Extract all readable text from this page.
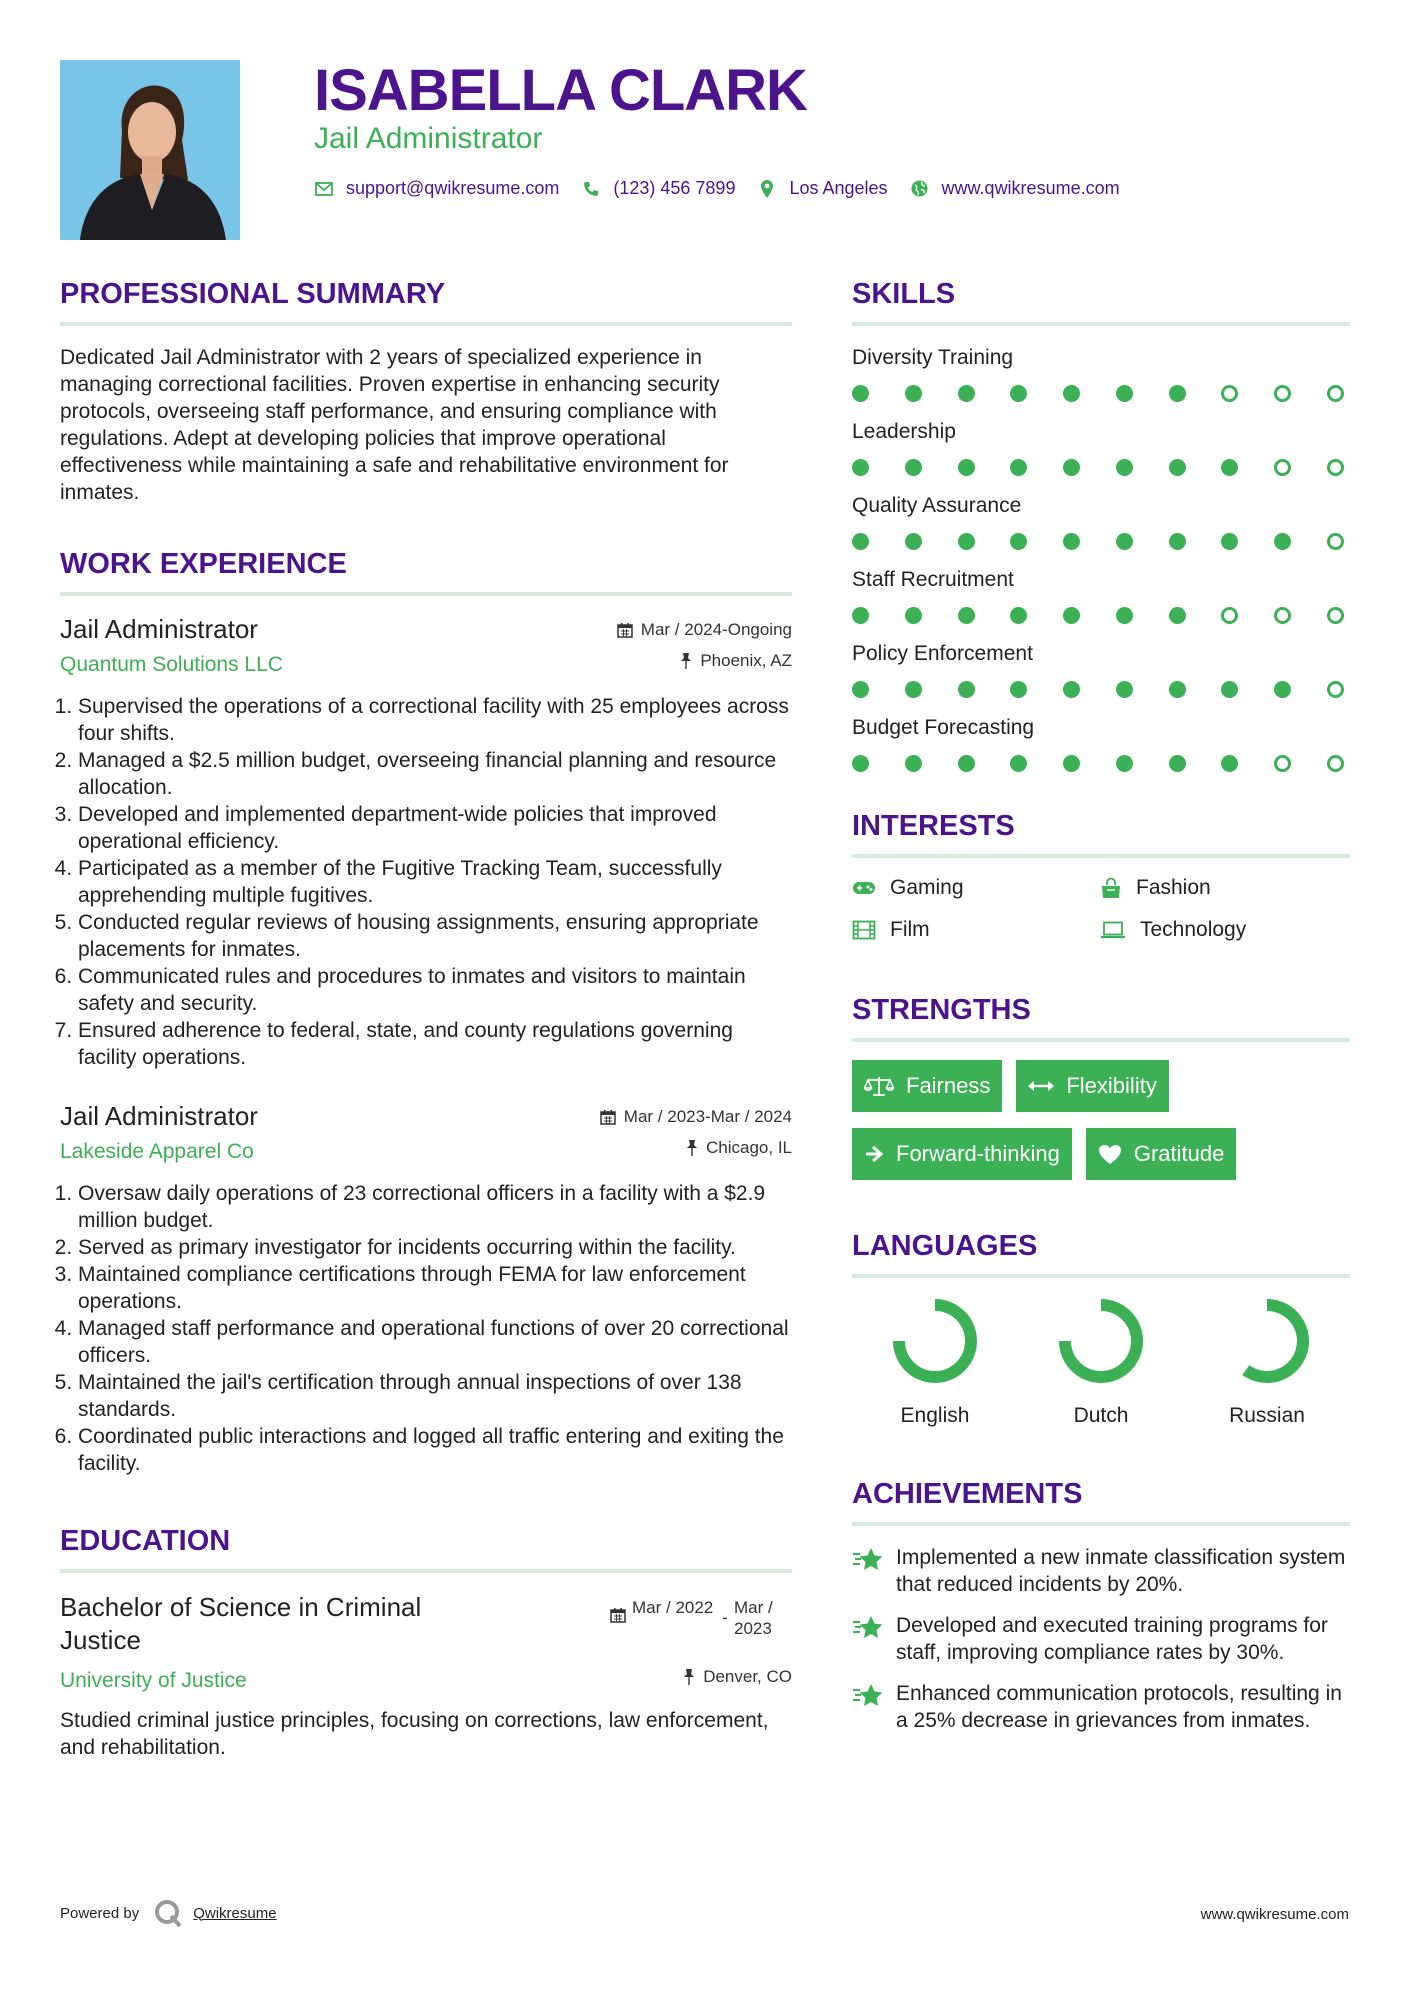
ISABELLA CLARK
Jail Administrator
support@qwikresume.com	(123) 456 7899	Los Angeles	www.qwikresume.com
PROFESSIONAL SUMMARY

Dedicated Jail Administrator with 2 years of specialized experience in managing correctional facilities. Proven expertise in enhancing security protocols, overseeing staff performance, and ensuring compliance with regulations. Adept at developing policies that improve operational effectiveness while maintaining a safe and rehabilitative environment for inmates.

WORK EXPERIENCE
Jail Administrator	Mar / 2024-Ongoing
Quantum Solutions LLC	Phoenix, AZ
1. Supervised the operations of a correctional facility with 25 employees across four shifts.
2. Managed a $2.5 million budget, overseeing financial planning and resource allocation.
3. Developed and implemented department-wide policies that improved operational efficiency.
4. Participated as a member of the Fugitive Tracking Team, successfully apprehending multiple fugitives.
5. Conducted regular reviews of housing assignments, ensuring appropriate placements for inmates.
6. Communicated rules and procedures to inmates and visitors to maintain safety and security.
7. Ensured adherence to federal, state, and county regulations governing facility operations.
Jail Administrator	Mar / 2023-Mar / 2024
Lakeside Apparel Co	Chicago, IL
1. Oversaw daily operations of 23 correctional officers in a facility with a $2.9 million budget.
2. Served as primary investigator for incidents occurring within the facility.
3. Maintained compliance certifications through FEMA for law enforcement operations.
4. Managed staff performance and operational functions of over 20 correctional officers.
5. Maintained the jail's certification through annual inspections of over 138 standards.
6. Coordinated public interactions and logged all traffic entering and exiting the facility.
EDUCATION
Bachelor of Science in Criminal Justice
Mar / 2022
-
Mar / 2023
University of Justice	Denver, CO

Studied criminal justice principles, focusing on corrections, law enforcement, and rehabilitation.

SKILLS
Diversity Training
Leadership
Quality Assurance
Staff Recruitment
Policy Enforcement
Budget Forecasting
INTERESTS
Gaming	Fashion
Film	Technology
STRENGTHS
Fairness	Flexibility
Forward-thinking	Gratitude
LANGUAGES
English	Dutch	Russian
ACHIEVEMENTS
Implemented a new inmate classification system that reduced incidents by 20%.
Developed and executed training programs for staff, improving compliance rates by 30%.
Enhanced communication protocols, resulting in a 25% decrease in grievances from inmates.
Powered by	Qwikresume	www.qwikresume.com
